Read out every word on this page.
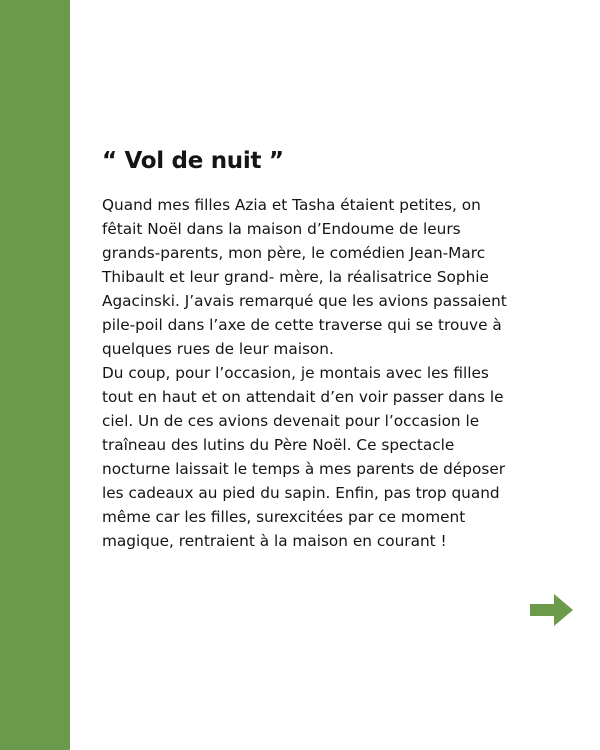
“ Vol de nuit ”

Quand mes filles Azia et Tasha étaient petites, on
fêtait Noël dans la maison d’Endoume de leurs
grands-parents, mon père, le comédien Jean-Marc
Thibault et leur grand- mère, la réalisatrice Sophie
Agacinski. J’avais remarqué que les avions passaient
pile-poil dans l’axe de cette traverse qui se trouve à
quelques rues de leur maison.

Du coup, pour l’occasion, je montais avec les filles
tout en haut et on attendait d’en voir passer dans le
ciel. Un de ces avions devenait pour l’occasion le
traîneau des lutins du Père Noël. Ce spectacle
nocturne laissait le temps à mes parents de déposer
les cadeaux au pied du sapin. Enfin, pas trop quand
même car les filles, surexcitées par ce moment
magique, rentraient à la maison en courant !
